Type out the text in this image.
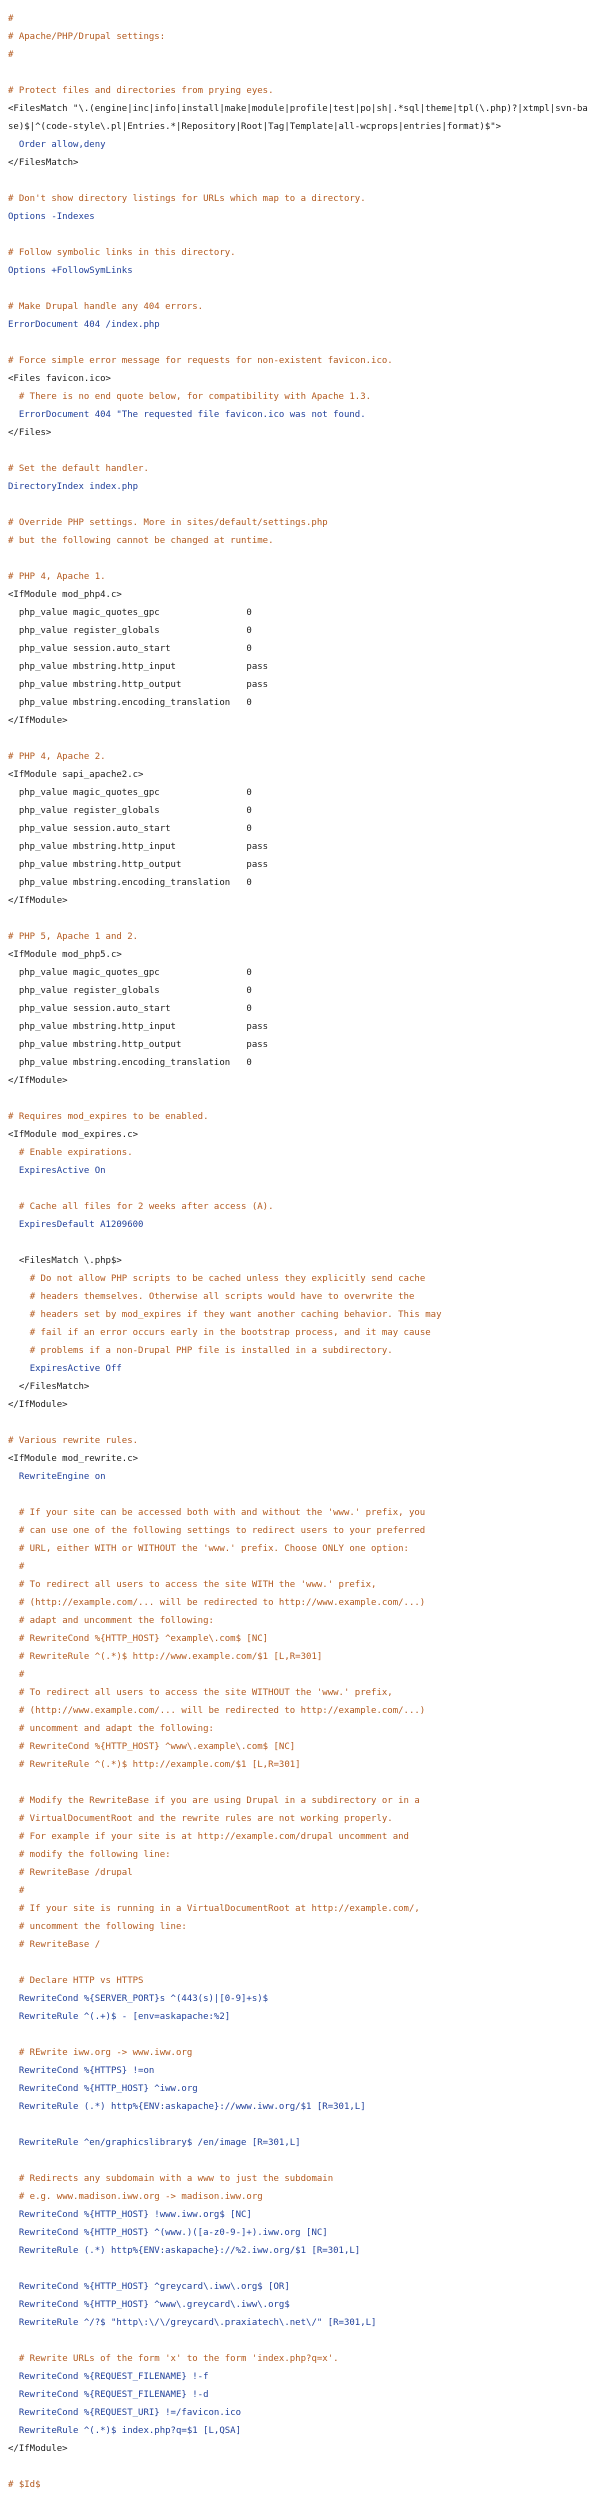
#
# Apache/PHP/Drupal settings:
#
# Protect files and directories from prying eyes.
<FilesMatch "\.(engine|inc|info|install|make|module|profile|test|po|sh|.*sql|theme|tpl(\.php)?|xtmpl|svn-base)$|^(code-style\.pl|Entries.*|Repository|Root|Tag|Template|all-wcprops|entries|format)$">
Order allow,deny
</FilesMatch>
# Don't show directory listings for URLs which map to a directory.
Options -Indexes
# Follow symbolic links in this directory.
Options +FollowSymLinks
# Make Drupal handle any 404 errors.
ErrorDocument 404 /index.php
# Force simple error message for requests for non-existent favicon.ico.
<Files favicon.ico>
# There is no end quote below, for compatibility with Apache 1.3.
ErrorDocument 404 "The requested file favicon.ico was not found.
</Files>
# Set the default handler.
DirectoryIndex index.php
# Override PHP settings. More in sites/default/settings.php
# but the following cannot be changed at runtime.
# PHP 4, Apache 1.
<IfModule mod_php4.c>
php_value magic_quotes_gpc                0
php_value register_globals                0
php_value session.auto_start              0
php_value mbstring.http_input             pass
php_value mbstring.http_output            pass
php_value mbstring.encoding_translation   0
</IfModule>
# PHP 4, Apache 2.
<IfModule sapi_apache2.c>
php_value magic_quotes_gpc                0
php_value register_globals                0
php_value session.auto_start              0
php_value mbstring.http_input             pass
php_value mbstring.http_output            pass
php_value mbstring.encoding_translation   0
</IfModule>
# PHP 5, Apache 1 and 2.
<IfModule mod_php5.c>
php_value magic_quotes_gpc                0
php_value register_globals                0
php_value session.auto_start              0
php_value mbstring.http_input             pass
php_value mbstring.http_output            pass
php_value mbstring.encoding_translation   0
</IfModule>
# Requires mod_expires to be enabled.
<IfModule mod_expires.c>
# Enable expirations.
ExpiresActive On
# Cache all files for 2 weeks after access (A).
ExpiresDefault A1209600
<FilesMatch \.php$>
# Do not allow PHP scripts to be cached unless they explicitly send cache
# headers themselves. Otherwise all scripts would have to overwrite the
# headers set by mod_expires if they want another caching behavior. This may
# fail if an error occurs early in the bootstrap process, and it may cause
# problems if a non-Drupal PHP file is installed in a subdirectory.
ExpiresActive Off
</FilesMatch>
</IfModule>
# Various rewrite rules.
<IfModule mod_rewrite.c>
RewriteEngine on
# If your site can be accessed both with and without the 'www.' prefix, you
# can use one of the following settings to redirect users to your preferred
# URL, either WITH or WITHOUT the 'www.' prefix. Choose ONLY one option:
#
# To redirect all users to access the site WITH the 'www.' prefix,
# (http://example.com/... will be redirected to http://www.example.com/...)
# adapt and uncomment the following:
# RewriteCond %{HTTP_HOST} ^example\.com$ [NC]
# RewriteRule ^(.*)$ http://www.example.com/$1 [L,R=301]
#
# To redirect all users to access the site WITHOUT the 'www.' prefix,
# (http://www.example.com/... will be redirected to http://example.com/...)
# uncomment and adapt the following:
# RewriteCond %{HTTP_HOST} ^www\.example\.com$ [NC]
# RewriteRule ^(.*)$ http://example.com/$1 [L,R=301]
# Modify the RewriteBase if you are using Drupal in a subdirectory or in a
# VirtualDocumentRoot and the rewrite rules are not working properly.
# For example if your site is at http://example.com/drupal uncomment and
# modify the following line:
# RewriteBase /drupal
#
# If your site is running in a VirtualDocumentRoot at http://example.com/,
# uncomment the following line:
# RewriteBase /
# Declare HTTP vs HTTPS
RewriteCond %{SERVER_PORT}s ^(443(s)|[0-9]+s)$
RewriteRule ^(.+)$ - [env=askapache:%2]
# REwrite iww.org -> www.iww.org
RewriteCond %{HTTPS} !=on
RewriteCond %{HTTP_HOST} ^iww.org
RewriteRule (.*) http%{ENV:askapache}://www.iww.org/$1 [R=301,L]
RewriteRule ^en/graphicslibrary$ /en/image [R=301,L]
# Redirects any subdomain with a www to just the subdomain
# e.g. www.madison.iww.org -> madison.iww.org
RewriteCond %{HTTP_HOST} !www.iww.org$ [NC]
RewriteCond %{HTTP_HOST} ^(www.)([a-z0-9-]+).iww.org [NC]
RewriteRule (.*) http%{ENV:askapache}://%2.iww.org/$1 [R=301,L]
RewriteCond %{HTTP_HOST} ^greycard\.iww\.org$ [OR]
RewriteCond %{HTTP_HOST} ^www\.greycard\.iww\.org$
RewriteRule ^/?$ "http\:\/\/greycard\.praxiatech\.net\/" [R=301,L]
# Rewrite URLs of the form 'x' to the form 'index.php?q=x'.
RewriteCond %{REQUEST_FILENAME} !-f
RewriteCond %{REQUEST_FILENAME} !-d
RewriteCond %{REQUEST_URI} !=/favicon.ico
RewriteRule ^(.*)$ index.php?q=$1 [L,QSA]
</IfModule>
# $Id$
